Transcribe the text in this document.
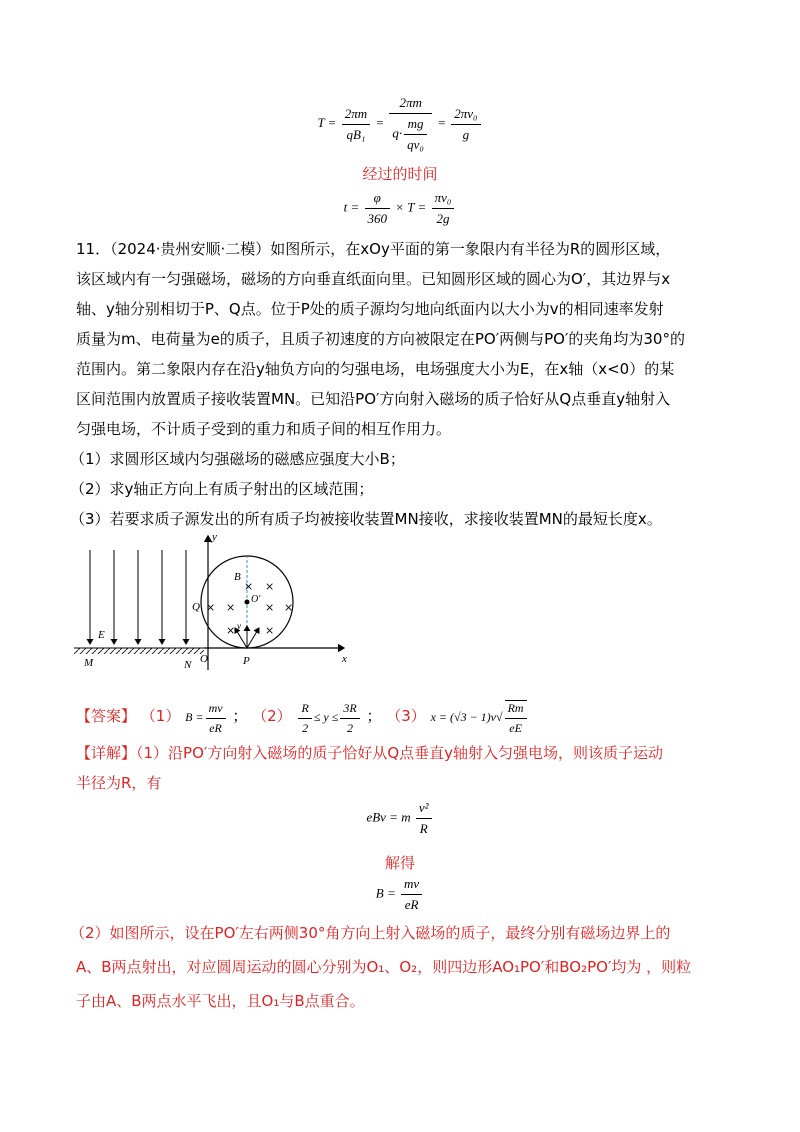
$T = \frac{2\pi m}{\text{qB₁}} = \frac{2\pi m}{q\cdot \frac{mg}{\text{qv₀}}} = \frac{\text{2πv₀}}{g}$
经过的时间
$t = \frac{\varphi}{360} \times T = \frac{\text{πv₀}}{2g}$
11．（2024·贵州安顺·二模）如图所示，在xOy平面的第一象限内有半径为R的圆形区域，
该区域内有一匀强磁场，磁场的方向垂直纸面向里。已知圆形区域的圆心为O′，其边界与x
轴、y轴分别相切于P、Q点。位于P处的质子源均匀地向纸面内以大小为v的相同速率发射
质量为m、电荷量为e的质子，且质子初速度的方向被限定在PO′两侧与PO′的夹角均为30°的
范围内。第二象限内存在沿y轴负方向的匀强电场，电场强度大小为E，在x轴（x<0）的某
区间范围内放置质子接收装置MN。已知沿PO′方向射入磁场的质子恰好从Q点垂直y轴射入
匀强电场，不计质子受到的重力和质子间的相互作用力。
（1）求圆形区域内匀强磁场的磁感应强度大小B；
（2）求y轴正方向上有质子射出的区域范围；
（3）若要求质子源发出的所有质子均被接收装置MN接收，求接收装置MN的最短长度x。
× ×
× ×	× ×
×	×
y
x
B
Q
O′
E
v
M	N O	P
【答案】 （1） $B = \frac{mv}{eR}$ ； $(2) \frac{R}{2} \le y \le \frac{3R}{2}$ ； （3） $x = (√3 - 1)v√ \frac{Rm}{eE}$
【详解】（1）沿PO′方向射入磁场的质子恰好从Q点垂直y轴射入匀强电场，则该质子运动
半径为R，有
eBv = m $\frac{\text{v²}}{R}$
解得
$B = \frac{mv}{eR}$
（2）如图所示，设在PO′左右两侧30°角方向上射入磁场的质子，最终分别有磁场边界上的
A、B两点射出，对应圆周运动的圆心分别为O₁、O₂，则四边形AO₁PO′和BO₂PO′均为 ，则粒
子由A、B两点水平飞出，且O₁与B点重合。
